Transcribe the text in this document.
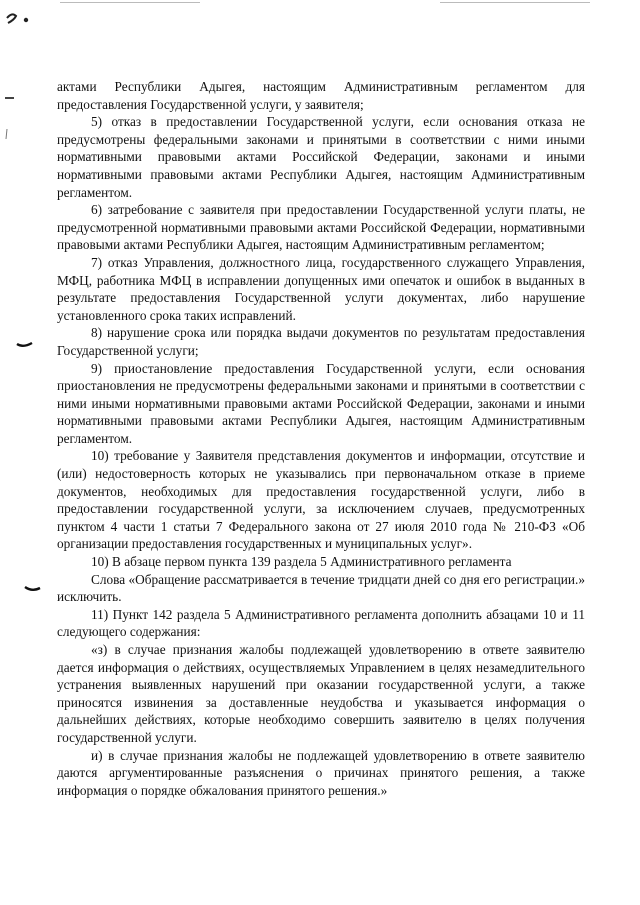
актами Республики Адыгея, настоящим Административным регламентом для предоставления Государственной услуги, у заявителя;

5) отказ в предоставлении Государственной услуги, если основания отказа не предусмотрены федеральными законами и принятыми в соответствии с ними иными нормативными правовыми актами Российской Федерации, законами и иными нормативными правовыми актами Республики Адыгея, настоящим Административным регламентом.

6) затребование с заявителя при предоставлении Государственной услуги платы, не предусмотренной нормативными правовыми актами Российской Федерации, нормативными правовыми актами Республики Адыгея, настоящим Административным регламентом;

7) отказ Управления, должностного лица, государственного служащего Управления, МФЦ, работника МФЦ в исправлении допущенных ими опечаток и ошибок в выданных в результате предоставления Государственной услуги документах, либо нарушение установленного срока таких исправлений.

8) нарушение срока или порядка выдачи документов по результатам предоставления Государственной услуги;

9) приостановление предоставления Государственной услуги, если основания приостановления не предусмотрены федеральными законами и принятыми в соответствии с ними иными нормативными правовыми актами Российской Федерации, законами и иными нормативными правовыми актами Республики Адыгея, настоящим Административным регламентом.

10) требование у Заявителя представления документов и информации, отсутствие и (или) недостоверность которых не указывались при первоначальном отказе в приеме документов, необходимых для предоставления государственной услуги, либо в предоставлении государственной услуги, за исключением случаев, предусмотренных пунктом 4 части 1 статьи 7 Федерального закона от 27 июля 2010 года № 210-ФЗ «Об организации предоставления государственных и муниципальных услуг».

10) В абзаце первом пункта 139 раздела 5 Административного регламента

Слова «Обращение рассматривается в течение тридцати дней со дня его регистрации.» исключить.

11) Пункт 142 раздела 5 Административного регламента дополнить абзацами 10 и 11 следующего содержания:

«з) в случае признания жалобы подлежащей удовлетворению в ответе заявителю дается информация о действиях, осуществляемых Управлением в целях незамедлительного устранения выявленных нарушений при оказании государственной услуги, а также приносятся извинения за доставленные неудобства и указывается информация о дальнейших действиях, которые необходимо совершить заявителю в целях получения государственной услуги.

и) в случае признания жалобы не подлежащей удовлетворению в ответе заявителю даются аргументированные разъяснения о причинах принятого решения, а также информация о порядке обжалования принятого решения.»
